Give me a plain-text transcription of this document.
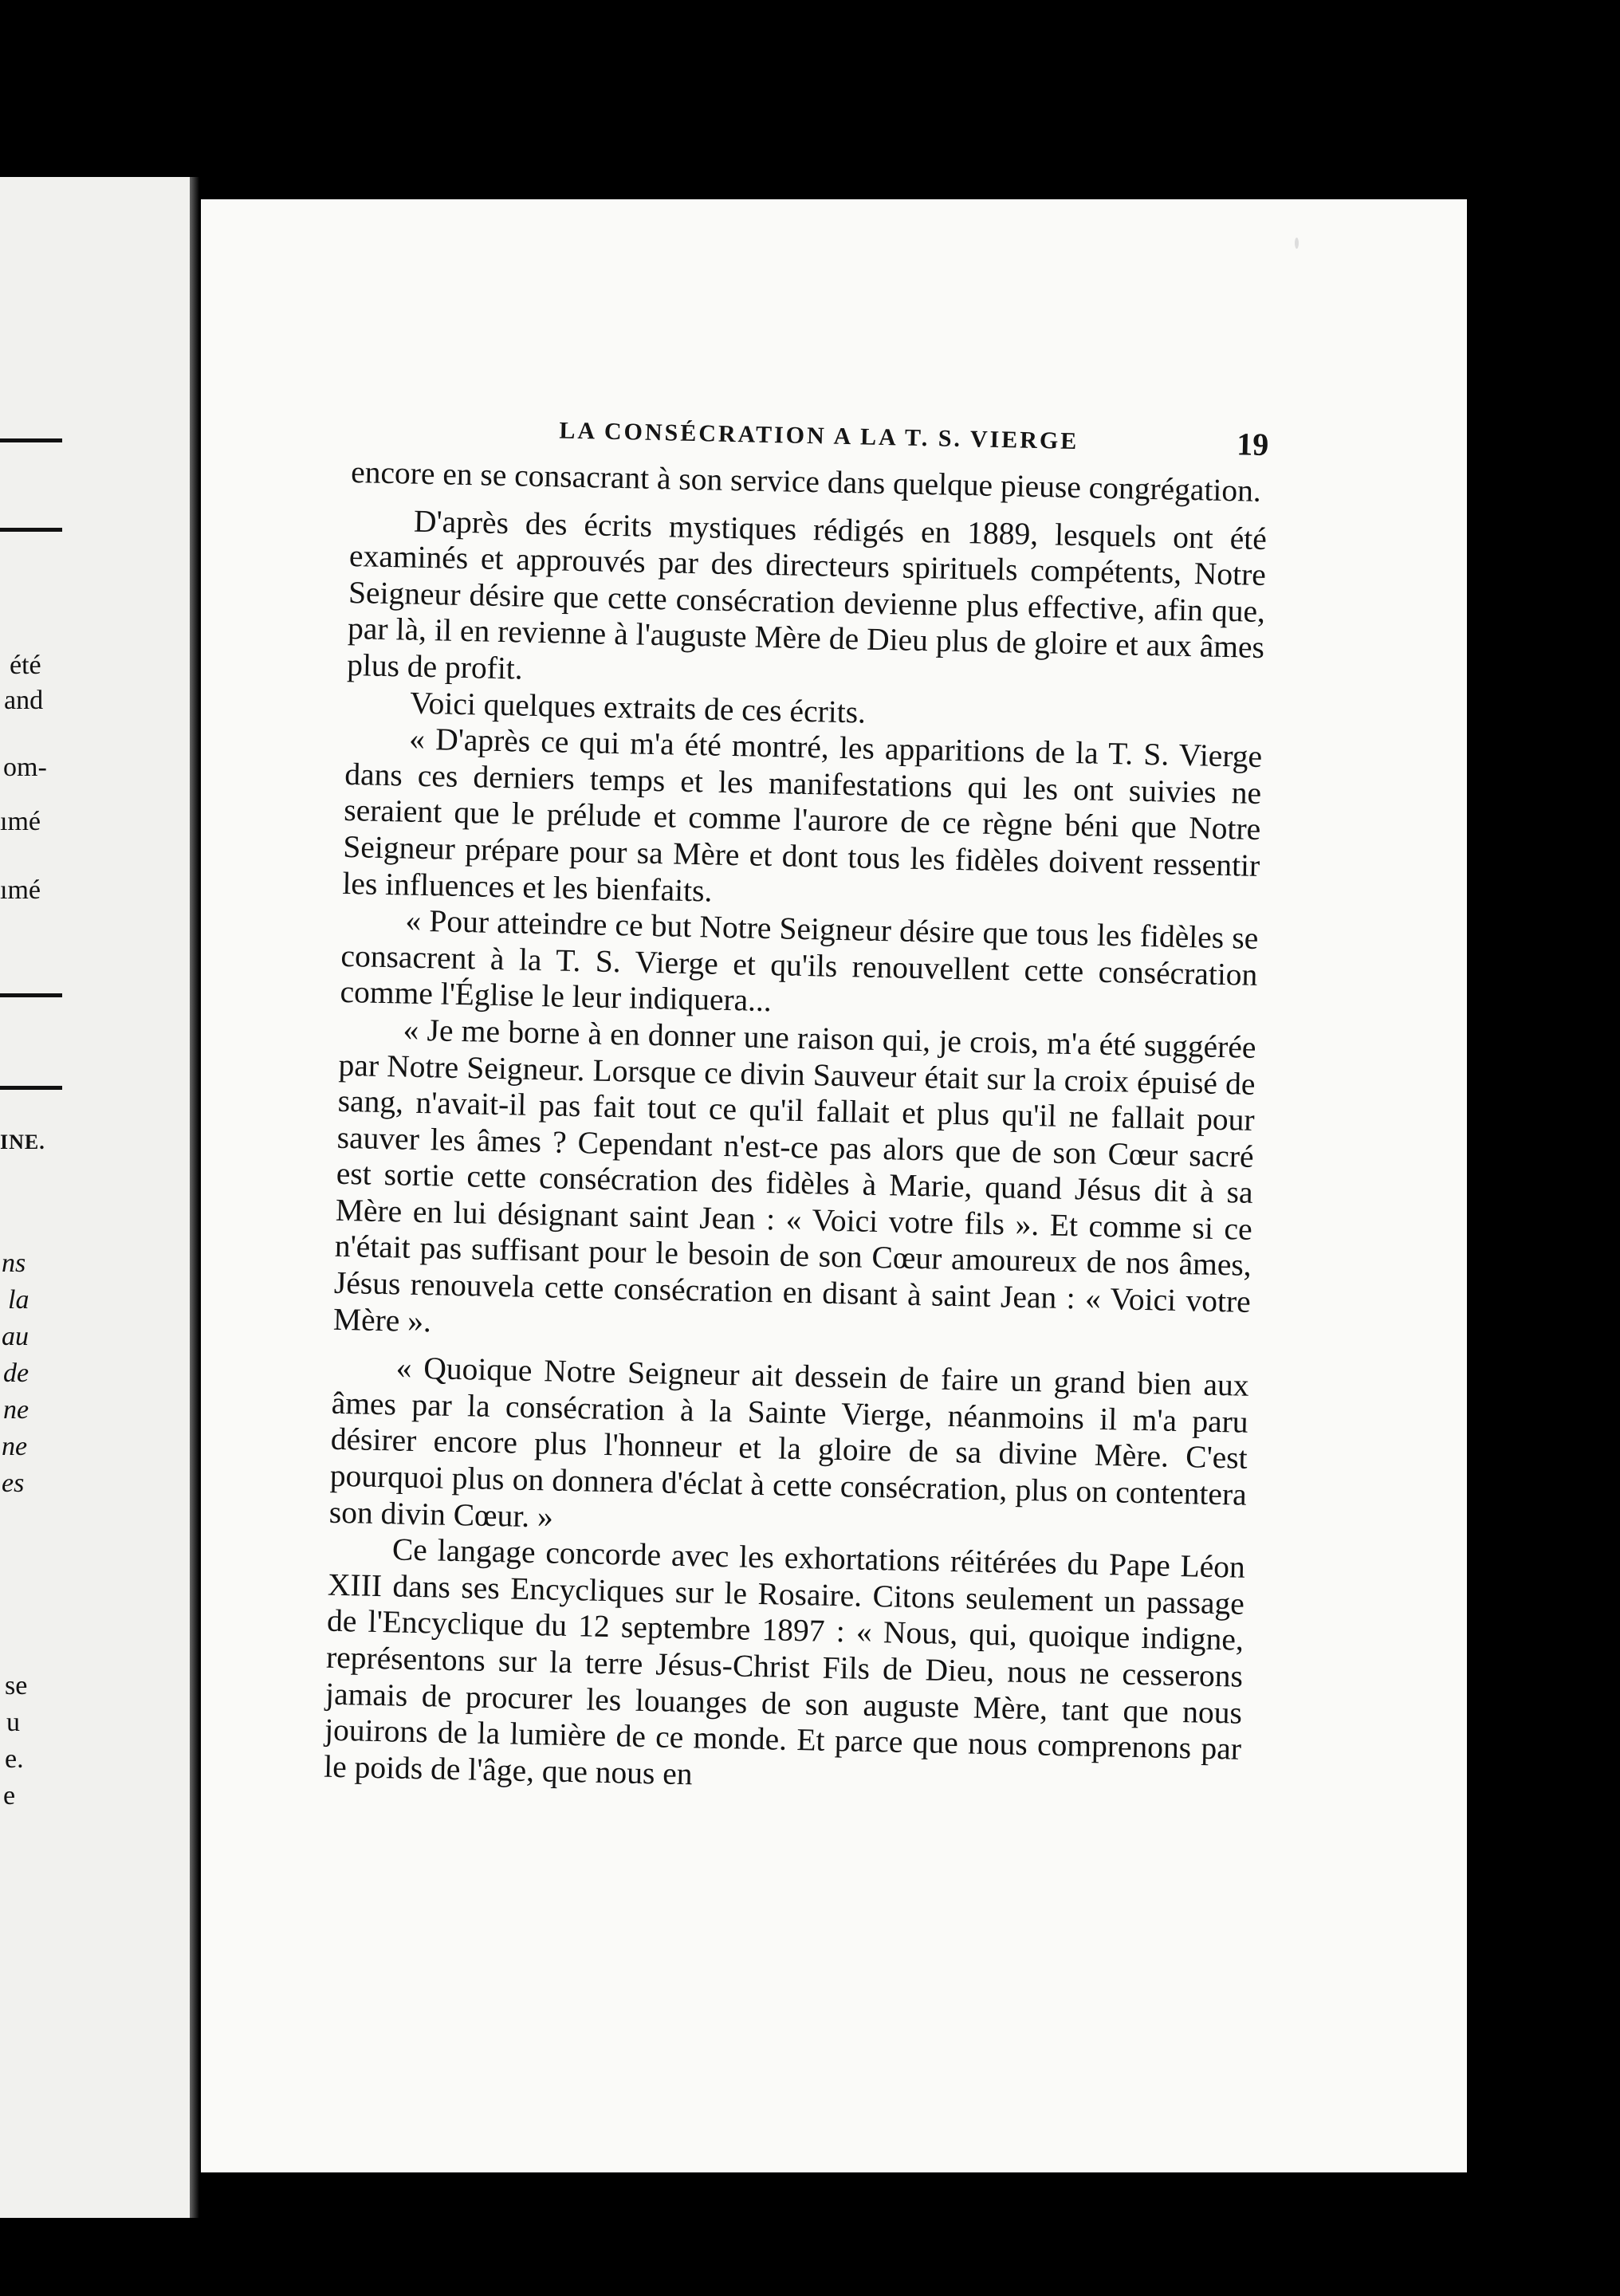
été
and
om-
ımé
ımé
INE.
ns
la
au
de
ne
ne
es
se
u
e.
e
LA CONSÉCRATION A LA T. S. VIERGE	19

encore en se consacrant à son service dans quelque pieuse congrégation.

D'après des écrits mystiques rédigés en 1889, lesquels ont été examinés et approuvés par des directeurs spirituels compétents, Notre Seigneur désire que cette consécration devienne plus effective, afin que, par là, il en revienne à l'auguste Mère de Dieu plus de gloire et aux âmes plus de profit.

Voici quelques extraits de ces écrits.

« D'après ce qui m'a été montré, les apparitions de la T. S. Vierge dans ces derniers temps et les manifestations qui les ont suivies ne seraient que le prélude et comme l'aurore de ce règne béni que Notre Seigneur prépare pour sa Mère et dont tous les fidèles doivent ressentir les influences et les bienfaits.

« Pour atteindre ce but Notre Seigneur désire que tous les fidèles se consacrent à la T. S. Vierge et qu'ils renouvellent cette consécration comme l'Église le leur indiquera...

« Je me borne à en donner une raison qui, je crois, m'a été suggérée par Notre Seigneur. Lorsque ce divin Sauveur était sur la croix épuisé de sang, n'avait-il pas fait tout ce qu'il fallait et plus qu'il ne fallait pour sauver les âmes ? Cependant n'est-ce pas alors que de son Cœur sacré est sortie cette consécration des fidèles à Marie, quand Jésus dit à sa Mère en lui désignant saint Jean : « Voici votre fils ». Et comme si ce n'était pas suffisant pour le besoin de son Cœur amoureux de nos âmes, Jésus renouvela cette consécration en disant à saint Jean : « Voici votre Mère ».

« Quoique Notre Seigneur ait dessein de faire un grand bien aux âmes par la consécration à la Sainte Vierge, néanmoins il m'a paru désirer encore plus l'honneur et la gloire de sa divine Mère. C'est pourquoi plus on donnera d'éclat à cette consécration, plus on contentera son divin Cœur. »

Ce langage concorde avec les exhortations réitérées du Pape Léon XIII dans ses Encycliques sur le Rosaire. Citons seulement un passage de l'Encyclique du 12 septembre 1897 : « Nous, qui, quoique indigne, représentons sur la terre Jésus-Christ Fils de Dieu, nous ne cesserons jamais de procurer les louanges de son auguste Mère, tant que nous jouirons de la lumière de ce monde. Et parce que nous comprenons par le poids de l'âge, que nous en
